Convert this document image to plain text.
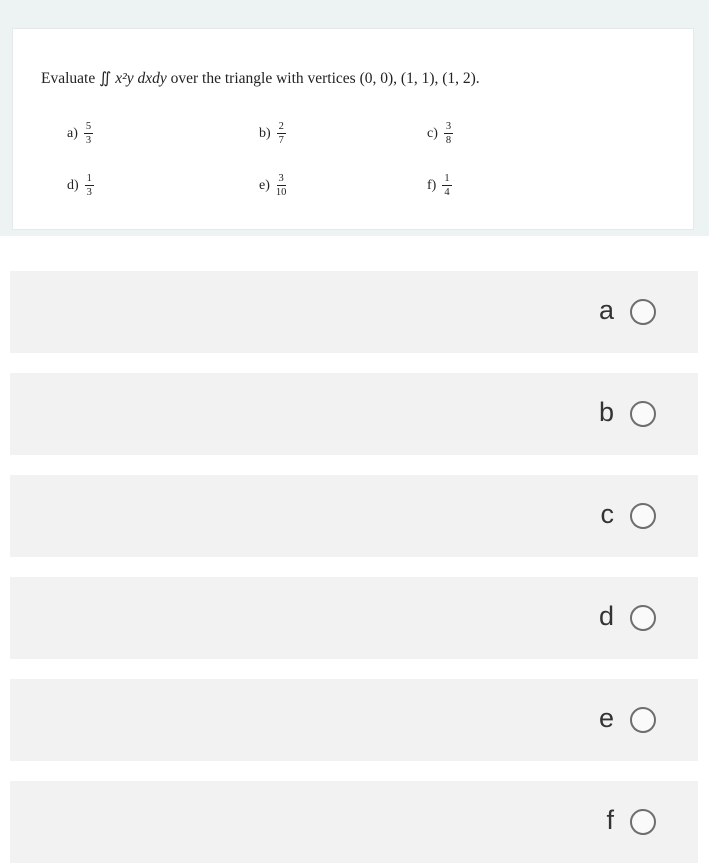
Evaluate ∬ x²y dxdy over the triangle with vertices (0, 0), (1, 1), (1, 2).
$a) \frac{5}{3}$	$b) \frac{2}{7}$	$c) \frac{3}{8}$
$d) \frac{1}{3}$	$e) \frac{3}{10}$	$f) \frac{1}{4}$
a
b
c
d
e
f
